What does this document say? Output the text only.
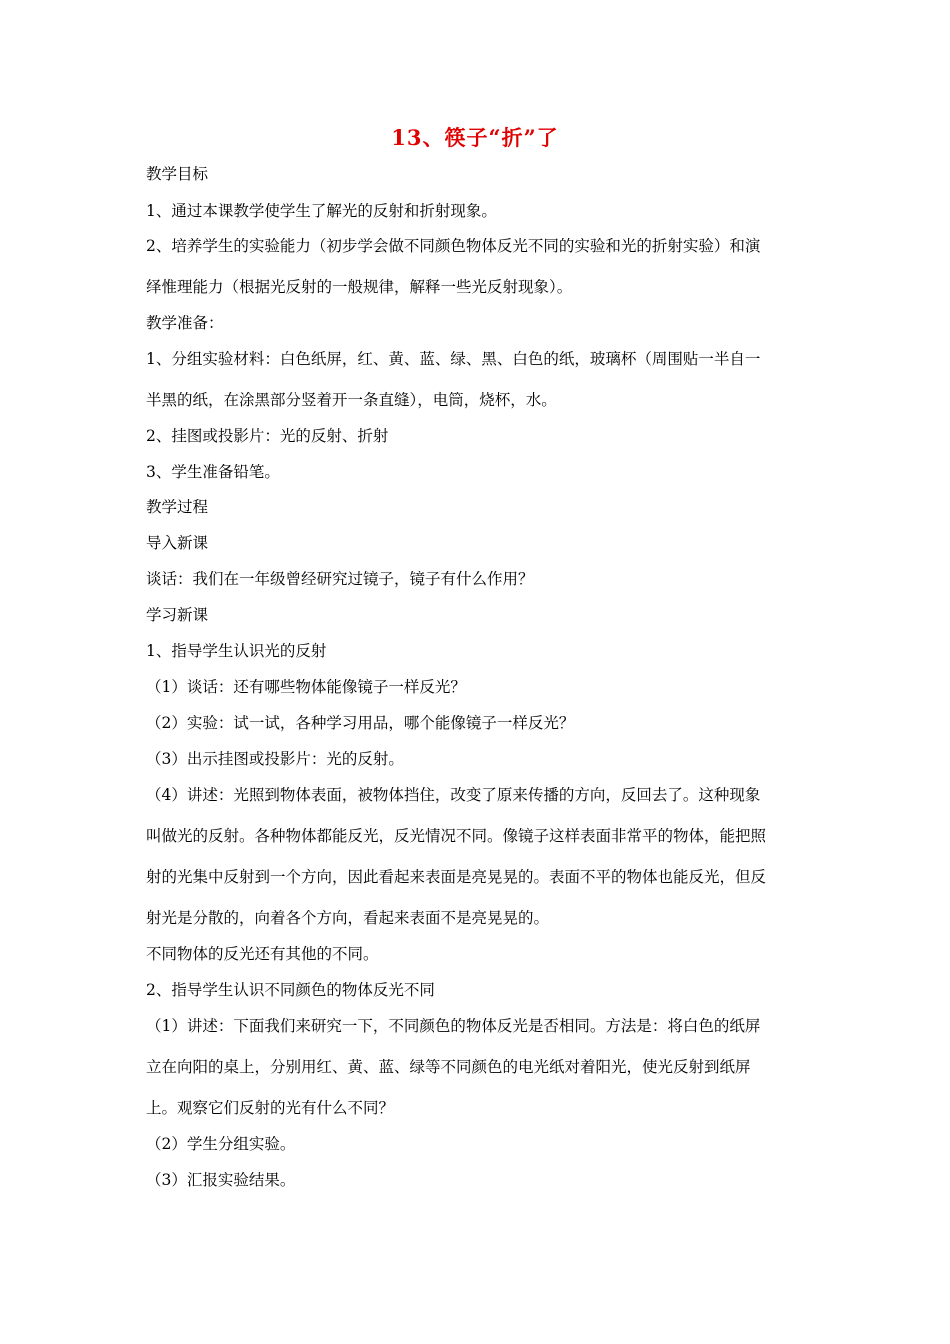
13、筷子“折”了
教学目标
1、通过本课教学使学生了解光的反射和折射现象。
2、培养学生的实验能力（初步学会做不同颜色物体反光不同的实验和光的折射实验）和演
绎惟理能力（根据光反射的一般规律，解释一些光反射现象）。
教学准备：
1、分组实验材料：白色纸屏，红、黄、蓝、绿、黑、白色的纸，玻璃杯（周围贴一半自一
半黑的纸，在涂黑部分竖着开一条直缝），电筒，烧杯，水。
2、挂图或投影片：光的反射、折射
3、学生准备铅笔。
教学过程
导入新课
谈话：我们在一年级曾经研究过镜子，镜子有什么作用？
学习新课
1、指导学生认识光的反射
（1）谈话：还有哪些物体能像镜子一样反光？
（2）实验：试一试，各种学习用品，哪个能像镜子一样反光？
（3）出示挂图或投影片：光的反射。
（4）讲述：光照到物体表面，被物体挡住，改变了原来传播的方向，反回去了。这种现象
叫做光的反射。各种物体都能反光，反光情况不同。像镜子这样表面非常平的物体，能把照
射的光集中反射到一个方向，因此看起来表面是亮晃晃的。表面不平的物体也能反光，但反
射光是分散的，向着各个方向，看起来表面不是亮晃晃的。
不同物体的反光还有其他的不同。
2、指导学生认识不同颜色的物体反光不同
（1）讲述：下面我们来研究一下，不同颜色的物体反光是否相同。方法是：将白色的纸屏
立在向阳的桌上，分别用红、黄、蓝、绿等不同颜色的电光纸对着阳光，使光反射到纸屏
上。观察它们反射的光有什么不同？
（2）学生分组实验。
（3）汇报实验结果。
